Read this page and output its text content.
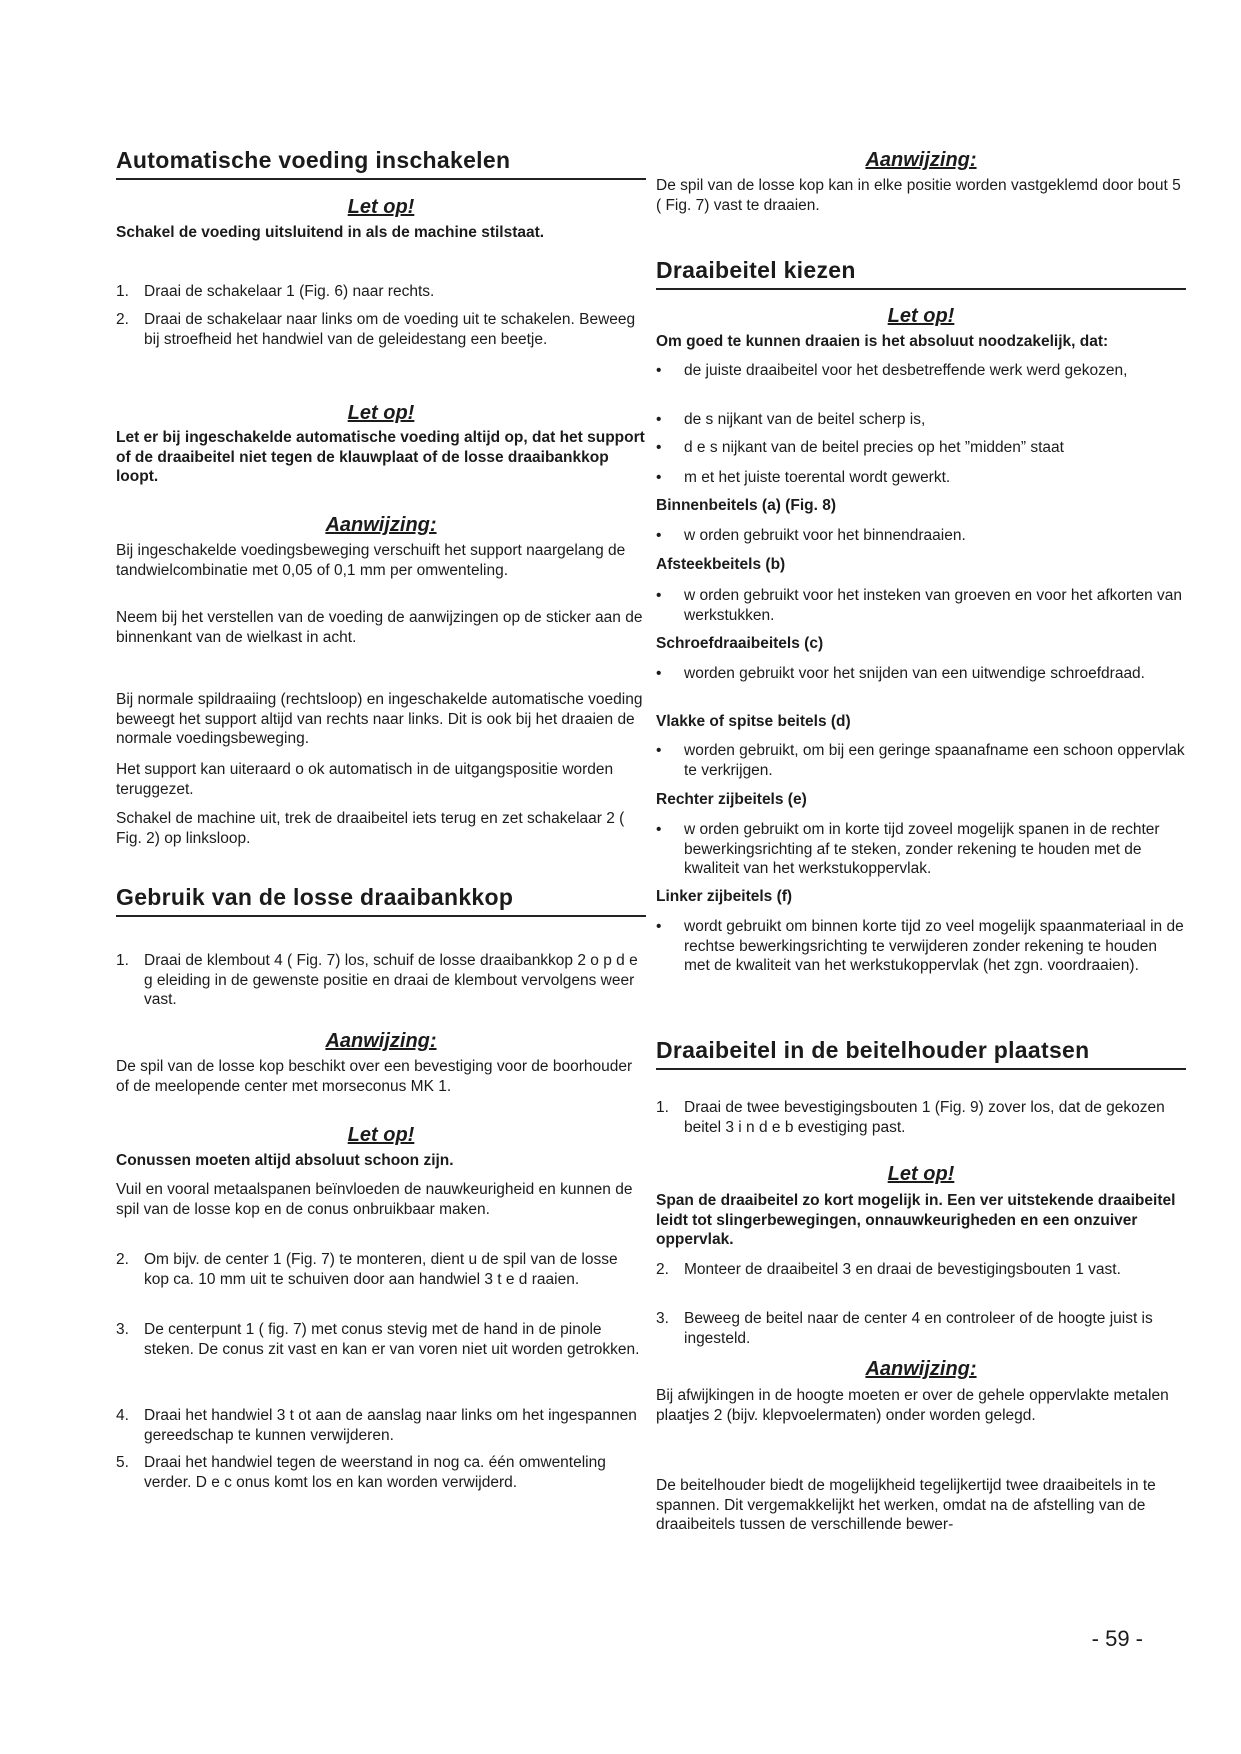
Automatische voeding inschakelen
Let op!
Schakel de voeding uitsluitend in als de machine stilstaat.
1. Draai de schakelaar 1 (Fig. 6) naar rechts.
2. Draai de schakelaar naar links om de voeding uit te schakelen. Beweeg bij stroefheid het handwiel van de geleidestang een beetje.
Let op!
Let er bij ingeschakelde automatische voeding altijd op, dat het support of de draaibeitel niet tegen de klauwplaat of de losse draaibankkop loopt.
Aanwijzing:
Bij ingeschakelde voedingsbeweging verschuift het support naargelang de tandwielcombinatie met 0,05 of 0,1 mm per omwenteling.
Neem bij het verstellen van de voeding de aanwijzingen op de sticker aan de binnenkant van de wielkast in acht.
Bij normale spildraaiing (rechtsloop) en ingeschakelde automatische voeding beweegt het support altijd van rechts naar links. Dit is ook bij het draaien de normale voedingsbeweging.
Het support kan uiteraard o ok automatisch in de uitgangspositie worden teruggezet.
Schakel de machine uit, trek de draaibeitel iets terug en zet schakelaar 2 ( Fig. 2) op linksloop.
Gebruik van de losse draaibankkop
1. Draai de klembout 4 ( Fig. 7) los, schuif de losse draaibankkop 2 o p d e g eleiding in de gewenste positie en draai de klembout vervolgens weer vast.
Aanwijzing:
De spil van de losse kop beschikt over een bevestiging voor de boorhouder of de meelopende center met morseconus MK 1.
Let op!
Conussen moeten altijd absoluut schoon zijn.
Vuil en vooral metaalspanen beïnvloeden de nauwkeurigheid en kunnen de spil van de losse kop en de conus onbruikbaar maken.
2. Om bijv. de center 1 (Fig. 7) te monteren, dient u de spil van de losse kop ca. 10 mm uit te schuiven door aan handwiel 3 t e d raaien.
3. De centerpunt 1 ( fig. 7) met conus stevig met de hand in de pinole steken. De conus zit vast en kan er van voren niet uit worden getrokken.
4. Draai het handwiel 3 t ot aan de aanslag naar links om het ingespannen gereedschap te kunnen verwijderen.
5. Draai het handwiel tegen de weerstand in nog ca. één omwenteling verder. D e c onus komt los en kan worden verwijderd.
Aanwijzing:
De spil van de losse kop kan in elke positie worden vastgeklemd door bout 5 ( Fig. 7) vast te draaien.
Draaibeitel kiezen
Let op!
Om goed te kunnen draaien is het absoluut noodzakelijk, dat:
•	de juiste draaibeitel voor het desbetreffende werk werd gekozen,
•	de s nijkant van de beitel scherp is,
•	d e s nijkant van de beitel precies op het ”midden” staat
•	m et het juiste toerental wordt gewerkt.
Binnenbeitels (a) (Fig. 8)
•	w orden gebruikt voor het binnendraaien.
Afsteekbeitels (b)
•	w orden gebruikt voor het insteken van groeven en voor het afkorten van werkstukken.
Schroefdraaibeitels (c)
•	worden gebruikt voor het snijden van een uitwendige schroefdraad.
Vlakke of spitse beitels (d)
•	worden gebruikt, om bij een geringe spaanafname een schoon oppervlak te verkrijgen.
Rechter zijbeitels (e)
•	w orden gebruikt om in korte tijd zoveel mogelijk spanen in de rechter bewerkingsrichting af te steken, zonder rekening te houden met de kwaliteit van het werkstukoppervlak.
Linker zijbeitels (f)
•	wordt gebruikt om binnen korte tijd zo veel mogelijk spaanmateriaal in de rechtse bewerkingsrichting te verwijderen zonder rekening te houden met de kwaliteit van het werkstukoppervlak (het zgn. voordraaien).
Draaibeitel in de beitelhouder plaatsen
1. Draai de twee bevestigingsbouten 1 (Fig. 9) zover los, dat de gekozen beitel 3 i n d e b evestiging past.
Let op!
Span de draaibeitel zo kort mogelijk in. Een ver uitstekende draaibeitel leidt tot slingerbewegingen, onnauwkeurigheden en een onzuiver oppervlak.
2. Monteer de draaibeitel 3 en draai de bevestigingsbouten 1 vast.
3. Beweeg de beitel naar de center 4 en controleer of de hoogte juist is ingesteld.
Aanwijzing:
Bij afwijkingen in de hoogte moeten er over de gehele oppervlakte metalen plaatjes 2 (bijv. klepvoelermaten) onder worden gelegd.
De beitelhouder biedt de mogelijkheid tegelijkertijd twee draaibeitels in te spannen. Dit vergemakkelijkt het werken, omdat na de afstelling van de draaibeitels tussen de verschillende bewer-
- 59 -
